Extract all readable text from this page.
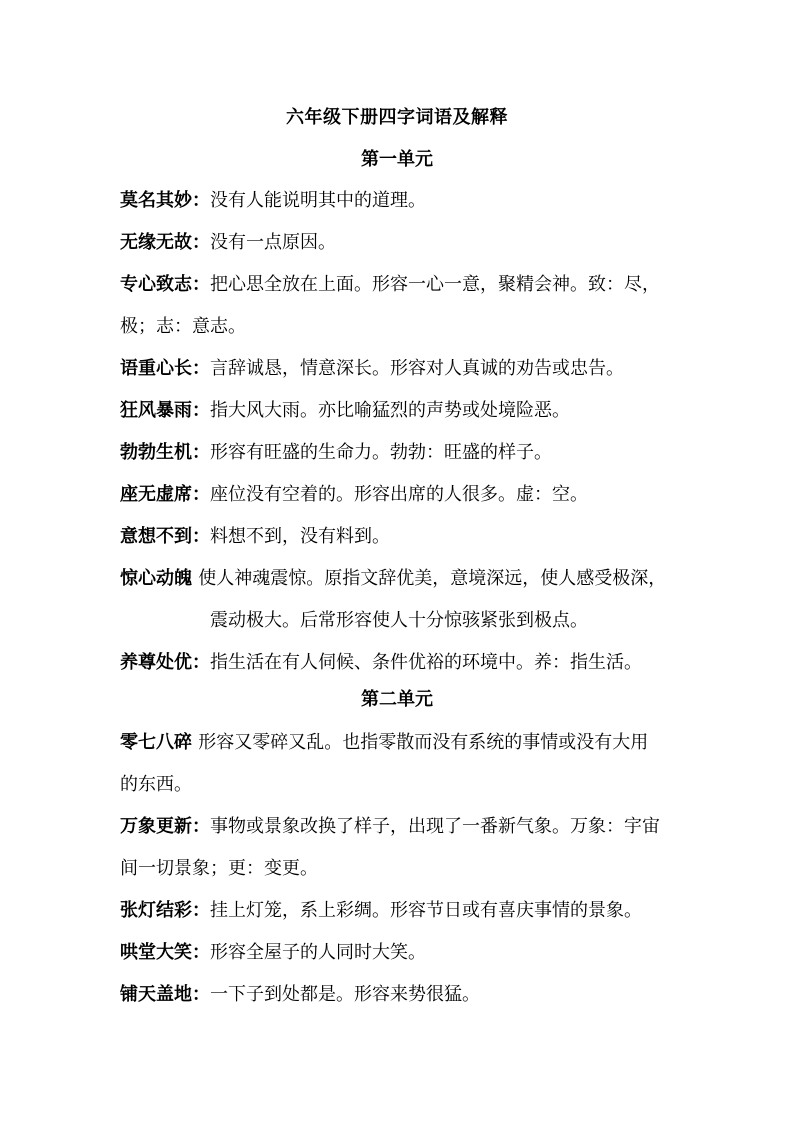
六年级下册四字词语及解释
第一单元
莫名其妙：没有人能说明其中的道理。
无缘无故：没有一点原因。
专心致志：把心思全放在上面。形容一心一意，聚精会神。致：尽，
极；志：意志。
语重心长：言辞诚恳，情意深长。形容对人真诚的劝告或忠告。
狂风暴雨：指大风大雨。亦比喻猛烈的声势或处境险恶。
勃勃生机：形容有旺盛的生命力。勃勃：旺盛的样子。
座无虚席：座位没有空着的。形容出席的人很多。虚：空。
意想不到：料想不到，没有料到。
惊心动魄 使人神魂震惊。原指文辞优美，意境深远，使人感受极深，
震动极大。后常形容使人十分惊骇紧张到极点。
养尊处优：指生活在有人伺候、条件优裕的环境中。养：指生活。
第二单元
零七八碎 形容又零碎又乱。也指零散而没有系统的事情或没有大用
的东西。
万象更新：事物或景象改换了样子，出现了一番新气象。万象：宇宙
间一切景象；更：变更。
张灯结彩：挂上灯笼，系上彩绸。形容节日或有喜庆事情的景象。
哄堂大笑：形容全屋子的人同时大笑。
铺天盖地：一下子到处都是。形容来势很猛。
